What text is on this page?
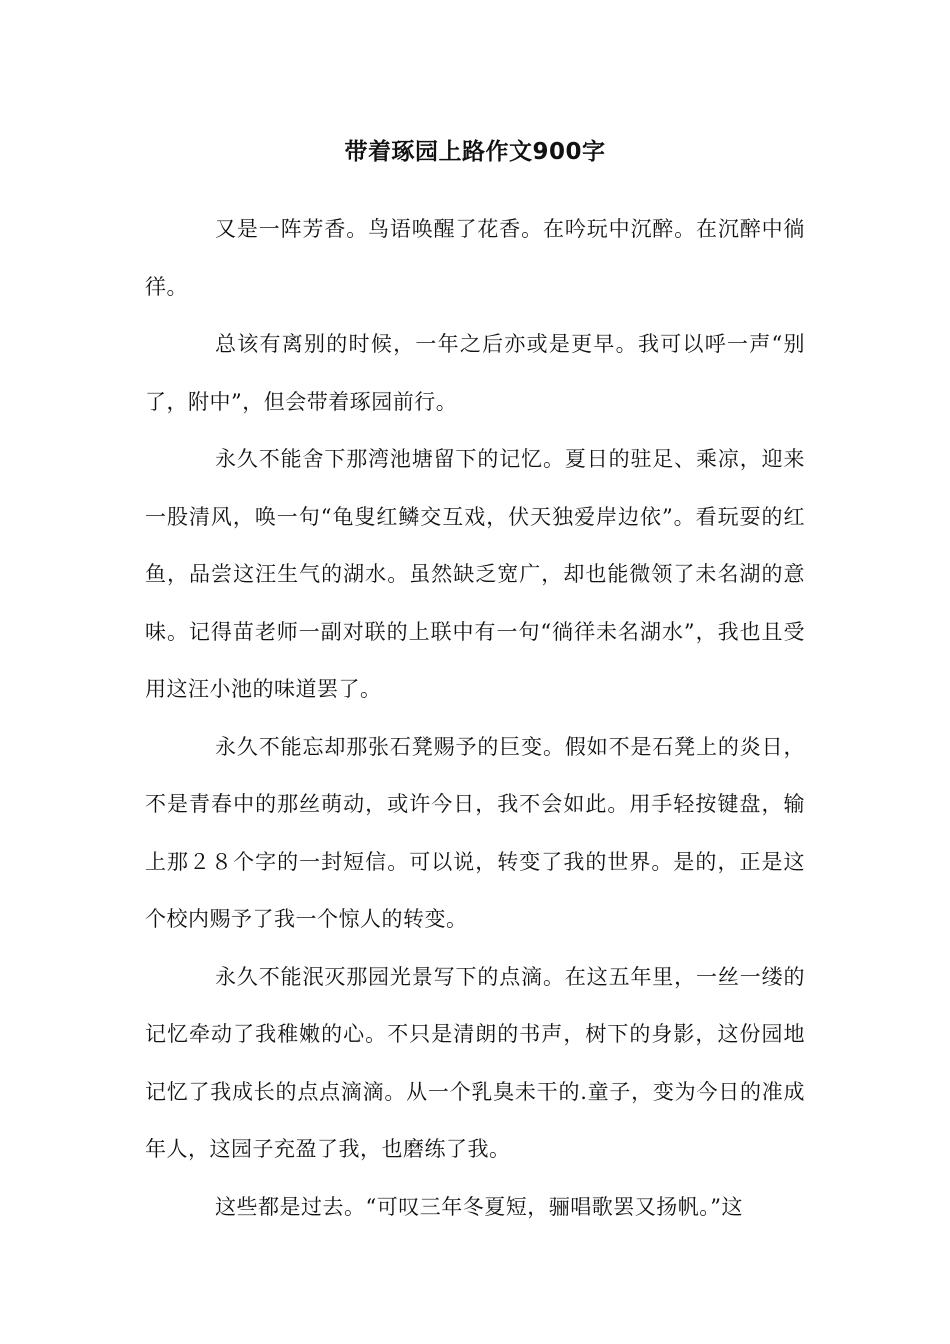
带着琢园上路作文900字

又是一阵芳香。鸟语唤醒了花香。在吟玩中沉醉。在沉醉中徜徉。

总该有离别的时候，一年之后亦或是更早。我可以呼一声“别了，附中”，但会带着琢园前行。

永久不能舍下那湾池塘留下的记忆。夏日的驻足、乘凉，迎来一股清风，唤一句“龟叟红鳞交互戏，伏天独爱岸边依”。看玩耍的红鱼，品尝这汪生气的湖水。虽然缺乏宽广，却也能微领了未名湖的意味。记得苗老师一副对联的上联中有一句“徜徉未名湖水”，我也且受用这汪小池的味道罢了。

永久不能忘却那张石凳赐予的巨变。假如不是石凳上的炎日，不是青春中的那丝萌动，或许今日，我不会如此。用手轻按键盘，输上那２８个字的一封短信。可以说，转变了我的世界。是的，正是这个校内赐予了我一个惊人的转变。

永久不能泯灭那园光景写下的点滴。在这五年里，一丝一缕的记忆牵动了我稚嫩的心。不只是清朗的书声，树下的身影，这份园地记忆了我成长的点点滴滴。从一个乳臭未干的.童子，变为今日的准成年人，这园子充盈了我，也磨练了我。

这些都是过去。“可叹三年冬夏短，骊唱歌罢又扬帆。”这
